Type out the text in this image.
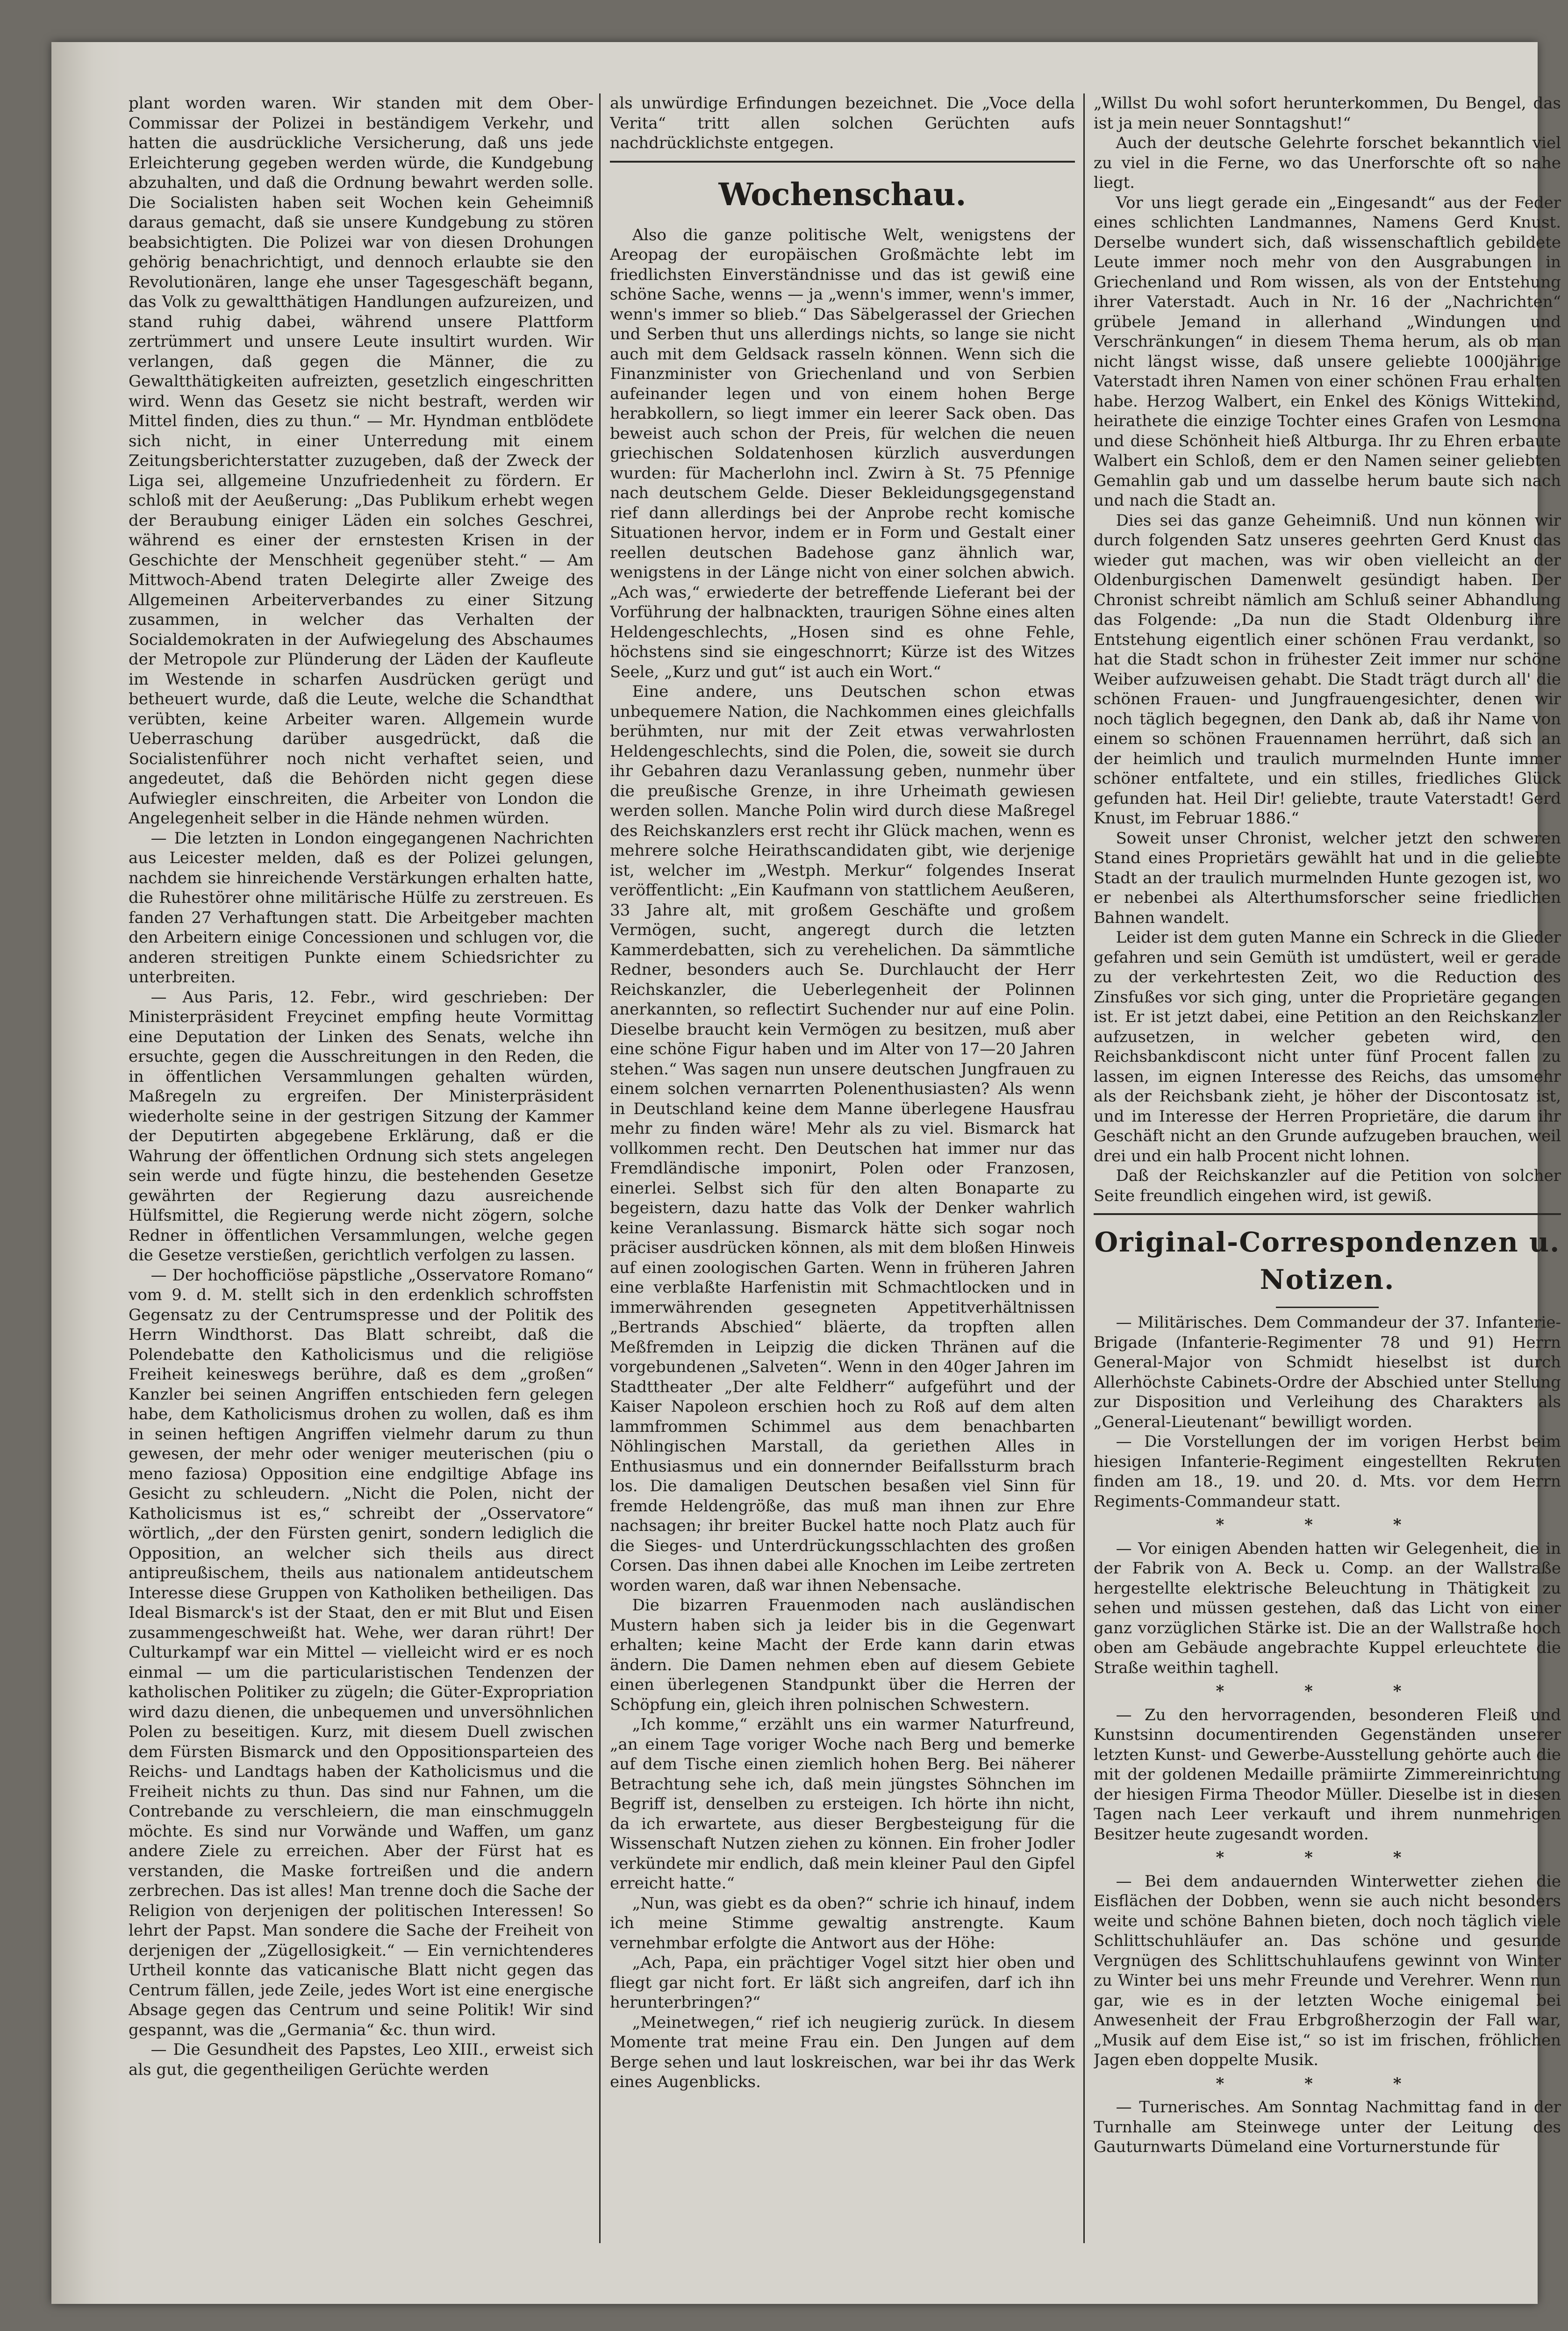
plant worden waren. Wir standen mit dem Ober-Commissar der Polizei in beständigem Verkehr, und hatten die ausdrückliche Versicherung, daß uns jede Erleichterung gegeben werden würde, die Kundgebung abzuhalten, und daß die Ordnung bewahrt werden solle. Die Socialisten haben seit Wochen kein Geheimniß daraus gemacht, daß sie unsere Kundgebung zu stören beabsichtigten. Die Polizei war von diesen Drohungen gehörig benachrichtigt, und dennoch erlaubte sie den Revolutionären, lange ehe unser Tagesgeschäft begann, das Volk zu gewaltthätigen Handlungen aufzureizen, und stand ruhig dabei, während unsere Plattform zertrümmert und unsere Leute insultirt wurden. Wir verlangen, daß gegen die Männer, die zu Gewaltthätigkeiten aufreizten, gesetzlich eingeschritten wird. Wenn das Gesetz sie nicht bestraft, werden wir Mittel finden, dies zu thun.“ — Mr. Hyndman entblödete sich nicht, in einer Unterredung mit einem Zeitungsberichterstatter zuzugeben, daß der Zweck der Liga sei, allgemeine Unzufriedenheit zu fördern. Er schloß mit der Aeußerung: „Das Publikum erhebt wegen der Beraubung einiger Läden ein solches Geschrei, während es einer der ernstesten Krisen in der Geschichte der Menschheit gegenüber steht.“ — Am Mittwoch-Abend traten Delegirte aller Zweige des Allgemeinen Arbeiterverbandes zu einer Sitzung zusammen, in welcher das Verhalten der Socialdemokraten in der Aufwiegelung des Abschaumes der Metropole zur Plünderung der Läden der Kaufleute im Westende in scharfen Ausdrücken gerügt und betheuert wurde, daß die Leute, welche die Schandthat verübten, keine Arbeiter waren. Allgemein wurde Ueberraschung darüber ausgedrückt, daß die Socialistenführer noch nicht verhaftet seien, und angedeutet, daß die Behörden nicht gegen diese Aufwiegler einschreiten, die Arbeiter von London die Angelegenheit selber in die Hände nehmen würden.

— Die letzten in London eingegangenen Nachrichten aus Leicester melden, daß es der Polizei gelungen, nachdem sie hinreichende Verstärkungen erhalten hatte, die Ruhestörer ohne militärische Hülfe zu zerstreuen. Es fanden 27 Verhaftungen statt. Die Arbeitgeber machten den Arbeitern einige Concessionen und schlugen vor, die anderen streitigen Punkte einem Schiedsrichter zu unterbreiten.

— Aus Paris, 12. Febr., wird geschrieben: Der Ministerpräsident Freycinet empfing heute Vormittag eine Deputation der Linken des Senats, welche ihn ersuchte, gegen die Ausschreitungen in den Reden, die in öffentlichen Versammlungen gehalten würden, Maßregeln zu ergreifen. Der Ministerpräsident wiederholte seine in der gestrigen Sitzung der Kammer der Deputirten abgegebene Erklärung, daß er die Wahrung der öffentlichen Ordnung sich stets angelegen sein werde und fügte hinzu, die bestehenden Gesetze gewährten der Regierung dazu ausreichende Hülfsmittel, die Regierung werde nicht zögern, solche Redner in öffentlichen Versammlungen, welche gegen die Gesetze verstießen, gerichtlich verfolgen zu lassen.

— Der hochofficiöse päpstliche „Osservatore Romano“ vom 9. d. M. stellt sich in den erdenklich schroffsten Gegensatz zu der Centrumspresse und der Politik des Herrn Windthorst. Das Blatt schreibt, daß die Polendebatte den Katholicismus und die religiöse Freiheit keineswegs berühre, daß es dem „großen“ Kanzler bei seinen Angriffen entschieden fern gelegen habe, dem Katholicismus drohen zu wollen, daß es ihm in seinen heftigen Angriffen vielmehr darum zu thun gewesen, der mehr oder weniger meuterischen (piu o meno faziosa) Opposition eine endgiltige Abfage ins Gesicht zu schleudern. „Nicht die Polen, nicht der Katholicismus ist es,“ schreibt der „Osservatore“ wörtlich, „der den Fürsten genirt, sondern lediglich die Opposition, an welcher sich theils aus direct antipreußischem, theils aus nationalem antideutschem Interesse diese Gruppen von Katholiken betheiligen. Das Ideal Bismarck's ist der Staat, den er mit Blut und Eisen zusammengeschweißt hat. Wehe, wer daran rührt! Der Culturkampf war ein Mittel — vielleicht wird er es noch einmal — um die particularistischen Tendenzen der katholischen Politiker zu zügeln; die Güter-Expropriation wird dazu dienen, die unbequemen und unversöhnlichen Polen zu beseitigen. Kurz, mit diesem Duell zwischen dem Fürsten Bismarck und den Oppositionsparteien des Reichs- und Landtags haben der Katholicismus und die Freiheit nichts zu thun. Das sind nur Fahnen, um die Contrebande zu verschleiern, die man einschmuggeln möchte. Es sind nur Vorwände und Waffen, um ganz andere Ziele zu erreichen. Aber der Fürst hat es verstanden, die Maske fortreißen und die andern zerbrechen. Das ist alles! Man trenne doch die Sache der Religion von derjenigen der politischen Interessen! So lehrt der Papst. Man sondere die Sache der Freiheit von derjenigen der „Zügellosigkeit.“ — Ein vernichtenderes Urtheil konnte das vaticanische Blatt nicht gegen das Centrum fällen, jede Zeile, jedes Wort ist eine energische Absage gegen das Centrum und seine Politik! Wir sind gespannt, was die „Germania“ &c. thun wird.

— Die Gesundheit des Papstes, Leo XIII., erweist sich als gut, die gegentheiligen Gerüchte werden

als unwürdige Erfindungen bezeichnet. Die „Voce della Verita“ tritt allen solchen Gerüchten aufs nachdrücklichste entgegen.

Wochenschau.

Also die ganze politische Welt, wenigstens der Areopag der europäischen Großmächte lebt im friedlichsten Einverständnisse und das ist gewiß eine schöne Sache, wenns — ja „wenn's immer, wenn's immer, wenn's immer so blieb.“ Das Säbelgerassel der Griechen und Serben thut uns allerdings nichts, so lange sie nicht auch mit dem Geldsack rasseln können. Wenn sich die Finanzminister von Griechenland und von Serbien aufeinander legen und von einem hohen Berge herabkollern, so liegt immer ein leerer Sack oben. Das beweist auch schon der Preis, für welchen die neuen griechischen Soldatenhosen kürzlich ausverdungen wurden: für Macherlohn incl. Zwirn à St. 75 Pfennige nach deutschem Gelde. Dieser Bekleidungsgegenstand rief dann allerdings bei der Anprobe recht komische Situationen hervor, indem er in Form und Gestalt einer reellen deutschen Badehose ganz ähnlich war, wenigstens in der Länge nicht von einer solchen abwich. „Ach was,“ erwiederte der betreffende Lieferant bei der Vorführung der halbnackten, traurigen Söhne eines alten Heldengeschlechts, „Hosen sind es ohne Fehle, höchstens sind sie eingeschnorrt; Kürze ist des Witzes Seele, „Kurz und gut“ ist auch ein Wort.“

Eine andere, uns Deutschen schon etwas unbequemere Nation, die Nachkommen eines gleichfalls berühmten, nur mit der Zeit etwas verwahrlosten Heldengeschlechts, sind die Polen, die, soweit sie durch ihr Gebahren dazu Veranlassung geben, nunmehr über die preußische Grenze, in ihre Urheimath gewiesen werden sollen. Manche Polin wird durch diese Maßregel des Reichskanzlers erst recht ihr Glück machen, wenn es mehrere solche Heirathscandidaten gibt, wie derjenige ist, welcher im „Westph. Merkur“ folgendes Inserat veröffentlicht: „Ein Kaufmann von stattlichem Aeußeren, 33 Jahre alt, mit großem Geschäfte und großem Vermögen, sucht, angeregt durch die letzten Kammerdebatten, sich zu verehelichen. Da sämmtliche Redner, besonders auch Se. Durchlaucht der Herr Reichskanzler, die Ueberlegenheit der Polinnen anerkannten, so reflectirt Suchender nur auf eine Polin. Dieselbe braucht kein Vermögen zu besitzen, muß aber eine schöne Figur haben und im Alter von 17—20 Jahren stehen.“ Was sagen nun unsere deutschen Jungfrauen zu einem solchen vernarrten Polenenthusiasten? Als wenn in Deutschland keine dem Manne überlegene Hausfrau mehr zu finden wäre! Mehr als zu viel. Bismarck hat vollkommen recht. Den Deutschen hat immer nur das Fremdländische imponirt, Polen oder Franzosen, einerlei. Selbst sich für den alten Bonaparte zu begeistern, dazu hatte das Volk der Denker wahrlich keine Veranlassung. Bismarck hätte sich sogar noch präciser ausdrücken können, als mit dem bloßen Hinweis auf einen zoologischen Garten. Wenn in früheren Jahren eine verblaßte Harfenistin mit Schmachtlocken und in immerwährenden gesegneten Appetitverhältnissen „Bertrands Abschied“ bläerte, da tropften allen Meßfremden in Leipzig die dicken Thränen auf die vorgebundenen „Salveten“. Wenn in den 40ger Jahren im Stadttheater „Der alte Feldherr“ aufgeführt und der Kaiser Napoleon erschien hoch zu Roß auf dem alten lammfrommen Schimmel aus dem benachbarten Nöhlingischen Marstall, da geriethen Alles in Enthusiasmus und ein donnernder Beifallssturm brach los. Die damaligen Deutschen besaßen viel Sinn für fremde Heldengröße, das muß man ihnen zur Ehre nachsagen; ihr breiter Buckel hatte noch Platz auch für die Sieges- und Unterdrückungsschlachten des großen Corsen. Das ihnen dabei alle Knochen im Leibe zertreten worden waren, daß war ihnen Nebensache.

Die bizarren Frauenmoden nach ausländischen Mustern haben sich ja leider bis in die Gegenwart erhalten; keine Macht der Erde kann darin etwas ändern. Die Damen nehmen eben auf diesem Gebiete einen überlegenen Standpunkt über die Herren der Schöpfung ein, gleich ihren polnischen Schwestern.

„Ich komme,“ erzählt uns ein warmer Naturfreund, „an einem Tage voriger Woche nach Berg und bemerke auf dem Tische einen ziemlich hohen Berg. Bei näherer Betrachtung sehe ich, daß mein jüngstes Söhnchen im Begriff ist, denselben zu ersteigen. Ich hörte ihn nicht, da ich erwartete, aus dieser Bergbesteigung für die Wissenschaft Nutzen ziehen zu können. Ein froher Jodler verkündete mir endlich, daß mein kleiner Paul den Gipfel erreicht hatte.“

„Nun, was giebt es da oben?“ schrie ich hinauf, indem ich meine Stimme gewaltig anstrengte. Kaum vernehmbar erfolgte die Antwort aus der Höhe:

„Ach, Papa, ein prächtiger Vogel sitzt hier oben und fliegt gar nicht fort. Er läßt sich angreifen, darf ich ihn herunterbringen?“

„Meinetwegen,“ rief ich neugierig zurück. In diesem Momente trat meine Frau ein. Den Jungen auf dem Berge sehen und laut loskreischen, war bei ihr das Werk eines Augenblicks.

„Willst Du wohl sofort herunterkommen, Du Bengel, das ist ja mein neuer Sonntagshut!“

Auch der deutsche Gelehrte forschet bekanntlich viel zu viel in die Ferne, wo das Unerforschte oft so nahe liegt.

Vor uns liegt gerade ein „Eingesandt“ aus der Feder eines schlichten Landmannes, Namens Gerd Knust. Derselbe wundert sich, daß wissenschaftlich gebildete Leute immer noch mehr von den Ausgrabungen in Griechenland und Rom wissen, als von der Entstehung ihrer Vaterstadt. Auch in Nr. 16 der „Nachrichten“ grübele Jemand in allerhand „Windungen und Verschränkungen“ in diesem Thema herum, als ob man nicht längst wisse, daß unsere geliebte 1000jährige Vaterstadt ihren Namen von einer schönen Frau erhalten habe. Herzog Walbert, ein Enkel des Königs Wittekind, heirathete die einzige Tochter eines Grafen von Lesmona und diese Schönheit hieß Altburga. Ihr zu Ehren erbaute Walbert ein Schloß, dem er den Namen seiner geliebten Gemahlin gab und um dasselbe herum baute sich nach und nach die Stadt an.

Dies sei das ganze Geheimniß. Und nun können wir durch folgenden Satz unseres geehrten Gerd Knust das wieder gut machen, was wir oben vielleicht an der Oldenburgischen Damenwelt gesündigt haben. Der Chronist schreibt nämlich am Schluß seiner Abhandlung das Folgende: „Da nun die Stadt Oldenburg ihre Entstehung eigentlich einer schönen Frau verdankt, so hat die Stadt schon in frühester Zeit immer nur schöne Weiber aufzuweisen gehabt. Die Stadt trägt durch all' die schönen Frauen- und Jungfrauengesichter, denen wir noch täglich begegnen, den Dank ab, daß ihr Name von einem so schönen Frauennamen herrührt, daß sich an der heimlich und traulich murmelnden Hunte immer schöner entfaltete, und ein stilles, friedliches Glück gefunden hat. Heil Dir! geliebte, traute Vaterstadt! Gerd Knust, im Februar 1886.“

Soweit unser Chronist, welcher jetzt den schweren Stand eines Proprietärs gewählt hat und in die geliebte Stadt an der traulich murmelnden Hunte gezogen ist, wo er nebenbei als Alterthumsforscher seine friedlichen Bahnen wandelt.

Leider ist dem guten Manne ein Schreck in die Glieder gefahren und sein Gemüth ist umdüstert, weil er gerade zu der verkehrtesten Zeit, wo die Reduction des Zinsfußes vor sich ging, unter die Proprietäre gegangen ist. Er ist jetzt dabei, eine Petition an den Reichskanzler aufzusetzen, in welcher gebeten wird, den Reichsbankdiscont nicht unter fünf Procent fallen zu lassen, im eignen Interesse des Reichs, das umsomehr als der Reichsbank zieht, je höher der Discontosatz ist, und im Interesse der Herren Proprietäre, die darum ihr Geschäft nicht an den Grunde aufzugeben brauchen, weil drei und ein halb Procent nicht lohnen.

Daß der Reichskanzler auf die Petition von solcher Seite freundlich eingehen wird, ist gewiß.

Original-Correspondenzen u. Notizen.

— Militärisches. Dem Commandeur der 37. Infanterie-Brigade (Infanterie-Regimenter 78 und 91) Herrn General-Major von Schmidt hieselbst ist durch Allerhöchste Cabinets-Ordre der Abschied unter Stellung zur Disposition und Verleihung des Charakters als „General-Lieutenant“ bewilligt worden.

— Die Vorstellungen der im vorigen Herbst beim hiesigen Infanterie-Regiment eingestellten Rekruten finden am 18., 19. und 20. d. Mts. vor dem Herrn Regiments-Commandeur statt.

* * *

— Vor einigen Abenden hatten wir Gelegenheit, die in der Fabrik von A. Beck u. Comp. an der Wallstraße hergestellte elektrische Beleuchtung in Thätigkeit zu sehen und müssen gestehen, daß das Licht von einer ganz vorzüglichen Stärke ist. Die an der Wallstraße hoch oben am Gebäude angebrachte Kuppel erleuchtete die Straße weithin taghell.

* * *

— Zu den hervorragenden, besonderen Fleiß und Kunstsinn documentirenden Gegenständen unserer letzten Kunst- und Gewerbe-Ausstellung gehörte auch die mit der goldenen Medaille prämiirte Zimmereinrichtung der hiesigen Firma Theodor Müller. Dieselbe ist in diesen Tagen nach Leer verkauft und ihrem nunmehrigen Besitzer heute zugesandt worden.

* * *

— Bei dem andauernden Winterwetter ziehen die Eisflächen der Dobben, wenn sie auch nicht besonders weite und schöne Bahnen bieten, doch noch täglich viele Schlittschuhläufer an. Das schöne und gesunde Vergnügen des Schlittschuhlaufens gewinnt von Winter zu Winter bei uns mehr Freunde und Verehrer. Wenn nun gar, wie es in der letzten Woche einigemal bei Anwesenheit der Frau Erbgroßherzogin der Fall war, „Musik auf dem Eise ist,“ so ist im frischen, fröhlichen Jagen eben doppelte Musik.

* * *

— Turnerisches. Am Sonntag Nachmittag fand in der Turnhalle am Steinwege unter der Leitung des Gauturnwarts Dümeland eine Vorturnerstunde für
